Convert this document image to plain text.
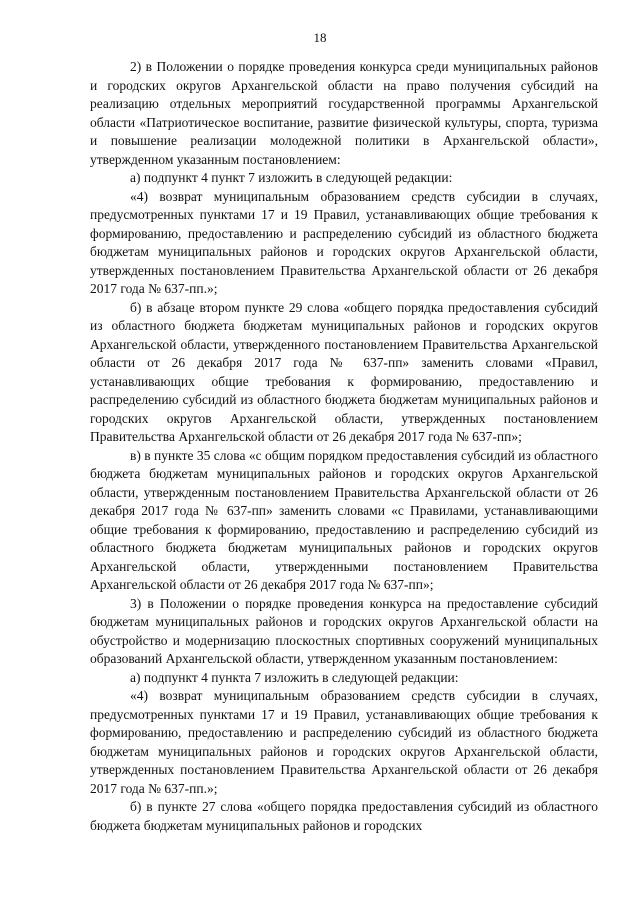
18

2) в Положении о порядке проведения конкурса среди муниципальных районов и городских округов Архангельской области на право получения субсидий на реализацию отдельных мероприятий государственной программы Архангельской области «Патриотическое воспитание, развитие физической культуры, спорта, туризма и повышение реализации молодежной политики в Архангельской области», утвержденном указанным постановлением:

а) подпункт 4 пункт 7 изложить в следующей редакции:

«4) возврат муниципальным образованием средств субсидии в случаях, предусмотренных пунктами 17 и 19 Правил, устанавливающих общие требования к формированию, предоставлению и распределению субсидий из областного бюджета бюджетам муниципальных районов и городских округов Архангельской области, утвержденных постановлением Правительства Архангельской области от 26 декабря 2017 года № 637-пп.»;

б) в абзаце втором пункте 29 слова «общего порядка предоставления субсидий из областного бюджета бюджетам муниципальных районов и городских округов Архангельской области, утвержденного постановлением Правительства Архангельской области от 26 декабря 2017 года № 637-пп» заменить словами «Правил, устанавливающих общие требования к формированию, предоставлению и распределению субсидий из областного бюджета бюджетам муниципальных районов и городских округов Архангельской области, утвержденных постановлением Правительства Архангельской области от 26 декабря 2017 года № 637-пп»;

в) в пункте 35 слова «с общим порядком предоставления субсидий из областного бюджета бюджетам муниципальных районов и городских округов Архангельской области, утвержденным постановлением Правительства Архангельской области от 26 декабря 2017 года № 637-пп» заменить словами «с Правилами, устанавливающими общие требования к формированию, предоставлению и распределению субсидий из областного бюджета бюджетам муниципальных районов и городских округов Архангельской области, утвержденными постановлением Правительства Архангельской области от 26 декабря 2017 года № 637-пп»;

3) в Положении о порядке проведения конкурса на предоставление субсидий бюджетам муниципальных районов и городских округов Архангельской области на обустройство и модернизацию плоскостных спортивных сооружений муниципальных образований Архангельской области, утвержденном указанным постановлением:

а) подпункт 4 пункта 7 изложить в следующей редакции:

«4) возврат муниципальным образованием средств субсидии в случаях, предусмотренных пунктами 17 и 19 Правил, устанавливающих общие требования к формированию, предоставлению и распределению субсидий из областного бюджета бюджетам муниципальных районов и городских округов Архангельской области, утвержденных постановлением Правительства Архангельской области от 26 декабря 2017 года № 637-пп.»;

б) в пункте 27 слова «общего порядка предоставления субсидий из областного бюджета бюджетам муниципальных районов и городских
